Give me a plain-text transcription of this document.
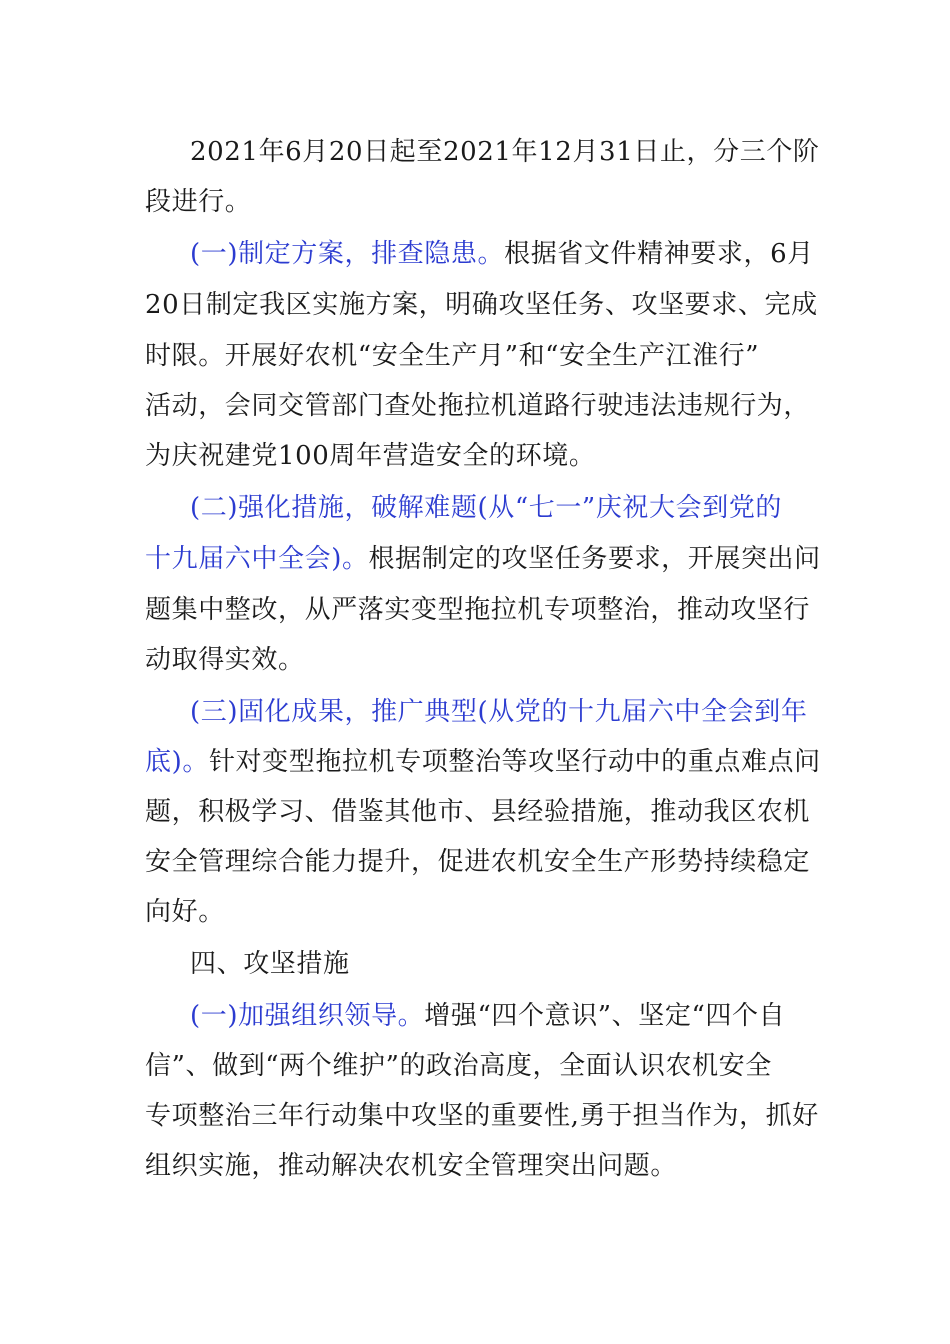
2021年6月20日起至2021年12月31日止，分三个阶
段进行。
(一)制定方案，排查隐患。根据省文件精神要求，6月
20日制定我区实施方案，明确攻坚任务、攻坚要求、完成
时限。开展好农机“安全生产月”和“安全生产江淮行”
活动，会同交管部门查处拖拉机道路行驶违法违规行为，
为庆祝建党100周年营造安全的环境。
(二)强化措施，破解难题(从“七一”庆祝大会到党的
十九届六中全会)。根据制定的攻坚任务要求，开展突出问
题集中整改，从严落实变型拖拉机专项整治，推动攻坚行
动取得实效。
(三)固化成果，推广典型(从党的十九届六中全会到年
底)。针对变型拖拉机专项整治等攻坚行动中的重点难点问
题，积极学习、借鉴其他市、县经验措施，推动我区农机
安全管理综合能力提升，促进农机安全生产形势持续稳定
向好。
四、攻坚措施
(一)加强组织领导。增强“四个意识”、坚定“四个自
信”、做到“两个维护”的政治高度，全面认识农机安全
专项整治三年行动集中攻坚的重要性,勇于担当作为，抓好
组织实施，推动解决农机安全管理突出问题。
